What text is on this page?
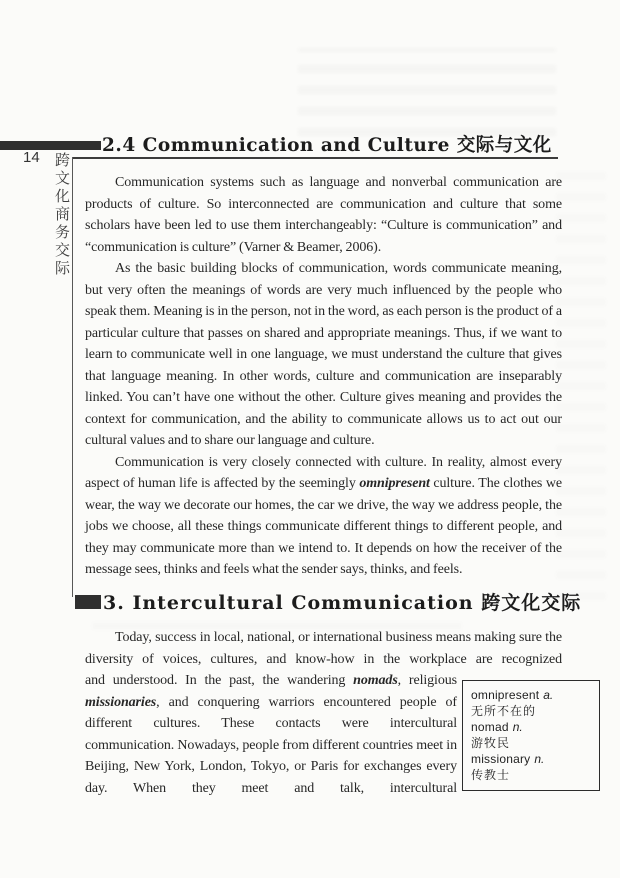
2.4 Communication and Culture 交际与文化
14 跨文化商务交际	Communication systems such as language and nonverbal communication are products of culture. So interconnected are communication and culture that some scholars have been led to use them interchangeably: “Culture is communication” and “communication is culture” (Varner & Beamer, 2006).

As the basic building blocks of communication, words communicate meaning, but very often the meanings of words are very much influenced by the people who speak them. Meaning is in the person, not in the word, as each person is the product of a particular culture that passes on shared and appropriate meanings. Thus, if we want to learn to communicate well in one language, we must understand the culture that gives that language meaning. In other words, culture and communication are inseparably linked. You can’t have one without the other. Culture gives meaning and provides the context for communication, and the ability to communicate allows us to act out our cultural values and to share our language and culture.

Communication is very closely connected with culture. In reality, almost every aspect of human life is affected by the seemingly omnipresent culture. The clothes we wear, the way we decorate our homes, the car we drive, the way we address people, the jobs we choose, all these things communicate different things to different people, and they may communicate more than we intend to. It depends on how the receiver of the message sees, thinks and feels what the sender says, thinks, and feels.

3. Intercultural Communication 跨文化交际

Today, success in local, national, or international business means making sure the diversity of voices, cultures, and know-how in the workplace are recognized

and understood. In the past, the wandering nomads, religious missionaries, and conquering warriors encountered people of different cultures. These contacts were intercultural communication. Nowadays, people from different countries meet in Beijing, New York, London, Tokyo, or Paris for exchanges every day. When they meet and talk, intercultural

omnipresent a.
无所不在的
nomad n.
游牧民
missionary n.
传教士
